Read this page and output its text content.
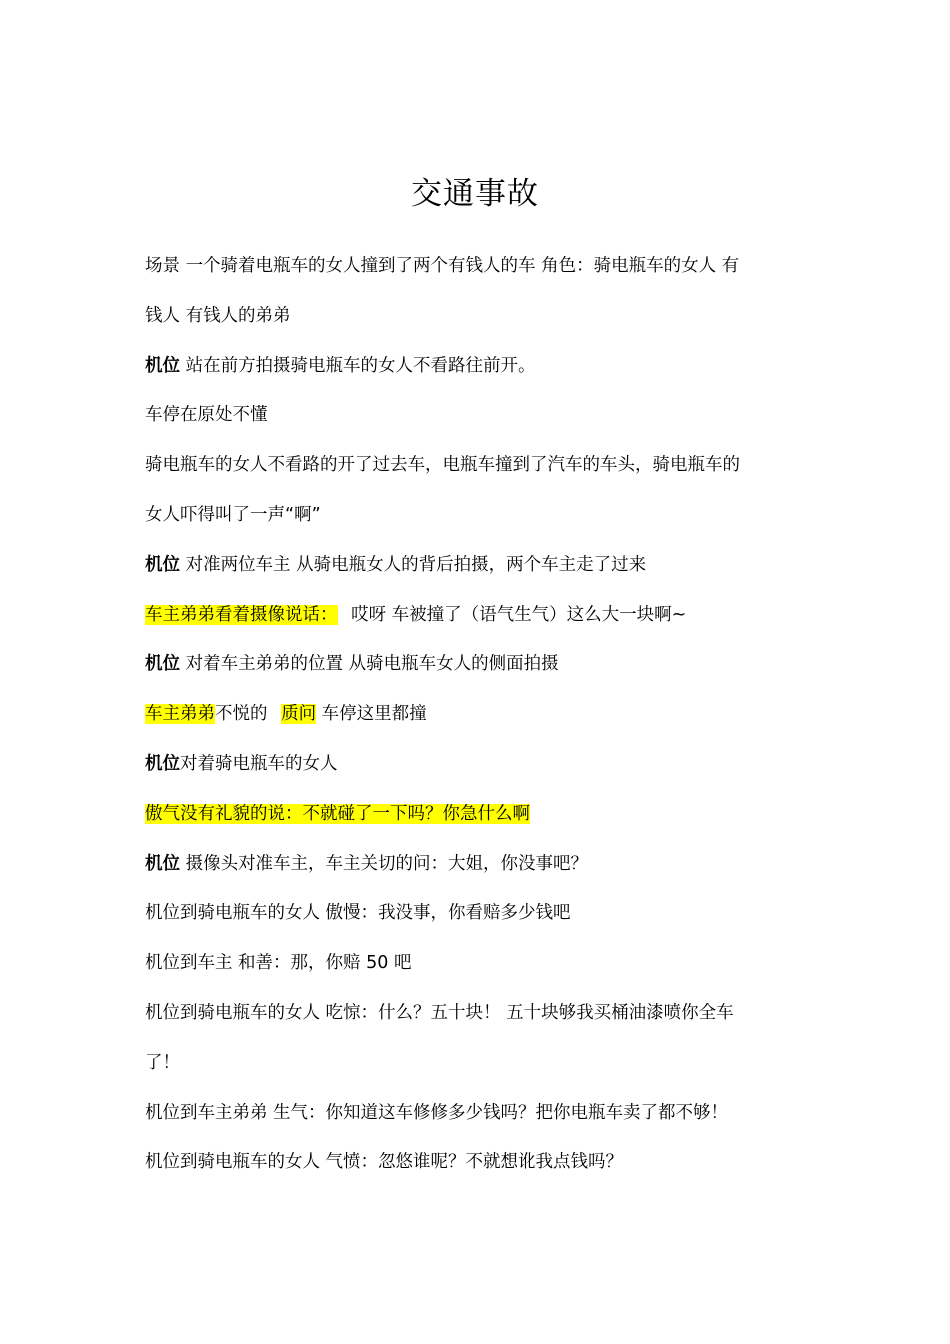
交通事故

场景 一个骑着电瓶车的女人撞到了两个有钱人的车 角色：骑电瓶车的女人 有

钱人 有钱人的弟弟

机位 站在前方拍摄骑电瓶车的女人不看路往前开。

车停在原处不懂

骑电瓶车的女人不看路的开了过去车，电瓶车撞到了汽车的车头，骑电瓶车的

女人吓得叫了一声“啊”

机位 对准两位车主 从骑电瓶女人的背后拍摄，两个车主走了过来

车主弟弟看着摄像说话： 哎呀 车被撞了（语气生气）这么大一块啊~

机位 对着车主弟弟的位置 从骑电瓶车女人的侧面拍摄

车主弟弟不悦的 质问 车停这里都撞

机位对着骑电瓶车的女人

傲气没有礼貌的说：不就碰了一下吗？你急什么啊

机位 摄像头对准车主，车主关切的问：大姐，你没事吧？

机位到骑电瓶车的女人 傲慢：我没事，你看赔多少钱吧

机位到车主 和善：那，你赔 50 吧

机位到骑电瓶车的女人 吃惊：什么？五十块！ 五十块够我买桶油漆喷你全车

了！

机位到车主弟弟 生气：你知道这车修修多少钱吗？把你电瓶车卖了都不够！

机位到骑电瓶车的女人 气愤：忽悠谁呢？不就想讹我点钱吗？
